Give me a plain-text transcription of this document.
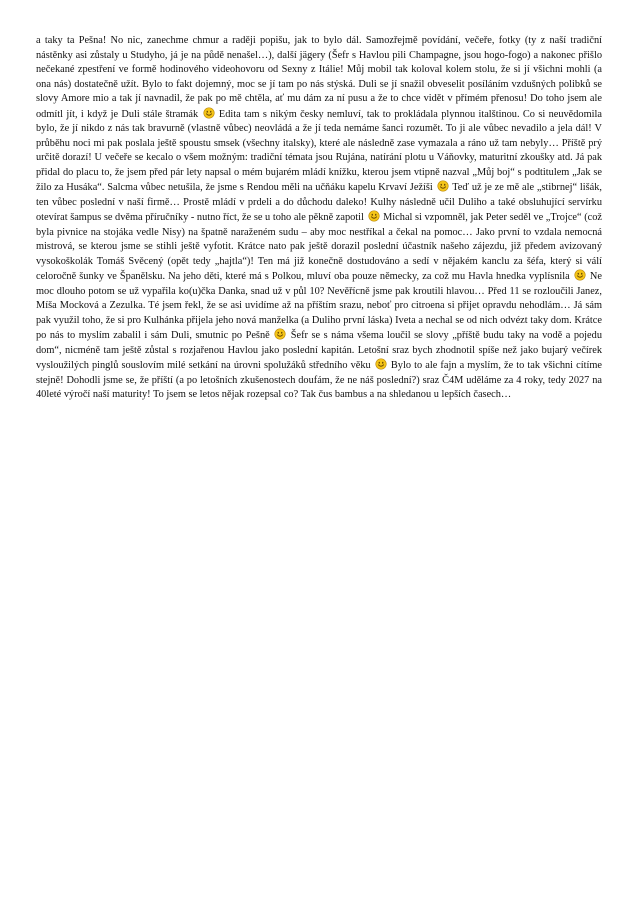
a taky ta Pešna! No nic, zanechme chmur a raději popišu, jak to bylo dál. Samozřejmě povídání, večeře, fotky (ty z naší tradiční nástěnky asi zůstaly u Studyho, já je na půdě nenašel…), další jägery (Šefr s Havlou pili Champagne, jsou hogo-fogo) a nakonec přišlo nečekané zpestření ve formě hodinového videohovoru od Sexny z Itálie! Můj mobil tak koloval kolem stolu, že si jí všichni mohli (a ona nás) dostatečně užít. Bylo to fakt dojemný, moc se jí tam po nás stýská. Duli se jí snažil obveselit posíláním vzdušných polibků se slovy Amore mio a tak jí navnadil, že pak po mě chtěla, ať mu dám za ní pusu a že to chce vidět v přímém přenosu! Do toho jsem ale odmítl jít, i když je Duli stále štramák
Edita tam s nikým česky nemluví, tak to prokládala plynnou italštinou. Co si neuvědomila bylo, že jí nikdo z nás tak bravurně (vlastně vůbec) neovládá a že jí teda nemáme šanci rozumět. To ji ale vůbec nevadilo a jela dál! V průběhu noci mi pak poslala ještě spoustu smsek (všechny italsky), které ale následně zase vymazala a ráno už tam nebyly… Příště prý určitě dorazí! U večeře se kecalo o všem možným: tradiční témata jsou Rujána, natírání plotu u Váňovky, maturitní zkoušky atd. Já pak přidal do placu to, že jsem před pár lety napsal o mém bujarém mládí knížku, kterou jsem vtipně nazval „Můj boj“ s podtitulem „Jak se žilo za Husáka“. Salcma vůbec netušila, že jsme s Rendou měli na učňáku kapelu Krvaví Ježíši
Teď už je ze mě ale „stibrnej“ lišák, ten vůbec poslední v naší firmě… Prostě mládí v prdeli a do důchodu daleko! Kulhy následně učil Duliho a také obsluhující servírku otevírat šampus se dvěma příručníky - nutno říct, že se u toho ale pěkně zapotil
Michal si vzpomněl, jak Peter seděl ve „Trojce“ (což byla pivnice na stojáka vedle Nisy) na špatně naraženém sudu – aby moc nestříkal a čekal na pomoc… Jako první to vzdala nemocná mistrová, se kterou jsme se stihli ještě vyfotit. Krátce nato pak ještě dorazil poslední účastník našeho zájezdu, již předem avizovaný vysokoškolák Tomáš Svěcený (opět tedy „hajtla“)! Ten má již konečně dostudováno a sedí v nějakém kanclu za šéfa, který si válí celoročně šunky ve Španělsku. Na jeho děti, které má s Polkou, mluví oba pouze německy, za což mu Havla hnedka vyplísnila
Ne moc dlouho potom se už vypařila ko(u)čka Danka, snad už v půl 10? Nevěřícně jsme pak kroutili hlavou… Před 11 se rozloučili Janez, Míša Mocková a Zezulka. Té jsem řekl, že se asi uvidíme až na příštím srazu, neboť pro citroena si přijet opravdu nehodlám… Já sám pak využil toho, že si pro Kulhánka přijela jeho nová manželka (a Duliho první láska) Iveta a nechal se od nich odvézt taky dom. Krátce po nás to myslím zabalil i sám Duli, smutnic po Pešně
Šefr se s náma všema loučil se slovy „příště budu taky na vodě a pojedu dom“, nicméně tam ještě zůstal s rozjařenou Havlou jako poslední kapitán. Letošní sraz bych zhodnotil spíše než jako bujarý večírek vysloužilých pinglů souslovím milé setkání na úrovni spolužáků středního věku
Bylo to ale fajn a myslím, že to tak všichni cítíme stejně! Dohodli jsme se, že příští (a po letošních zkušenostech doufám, že ne náš poslední?) sraz Č4M uděláme za 4 roky, tedy 2027 na 40leté výročí naší maturity! To jsem se letos nějak rozepsal co? Tak čus bambus a na shledanou u lepších časech…
